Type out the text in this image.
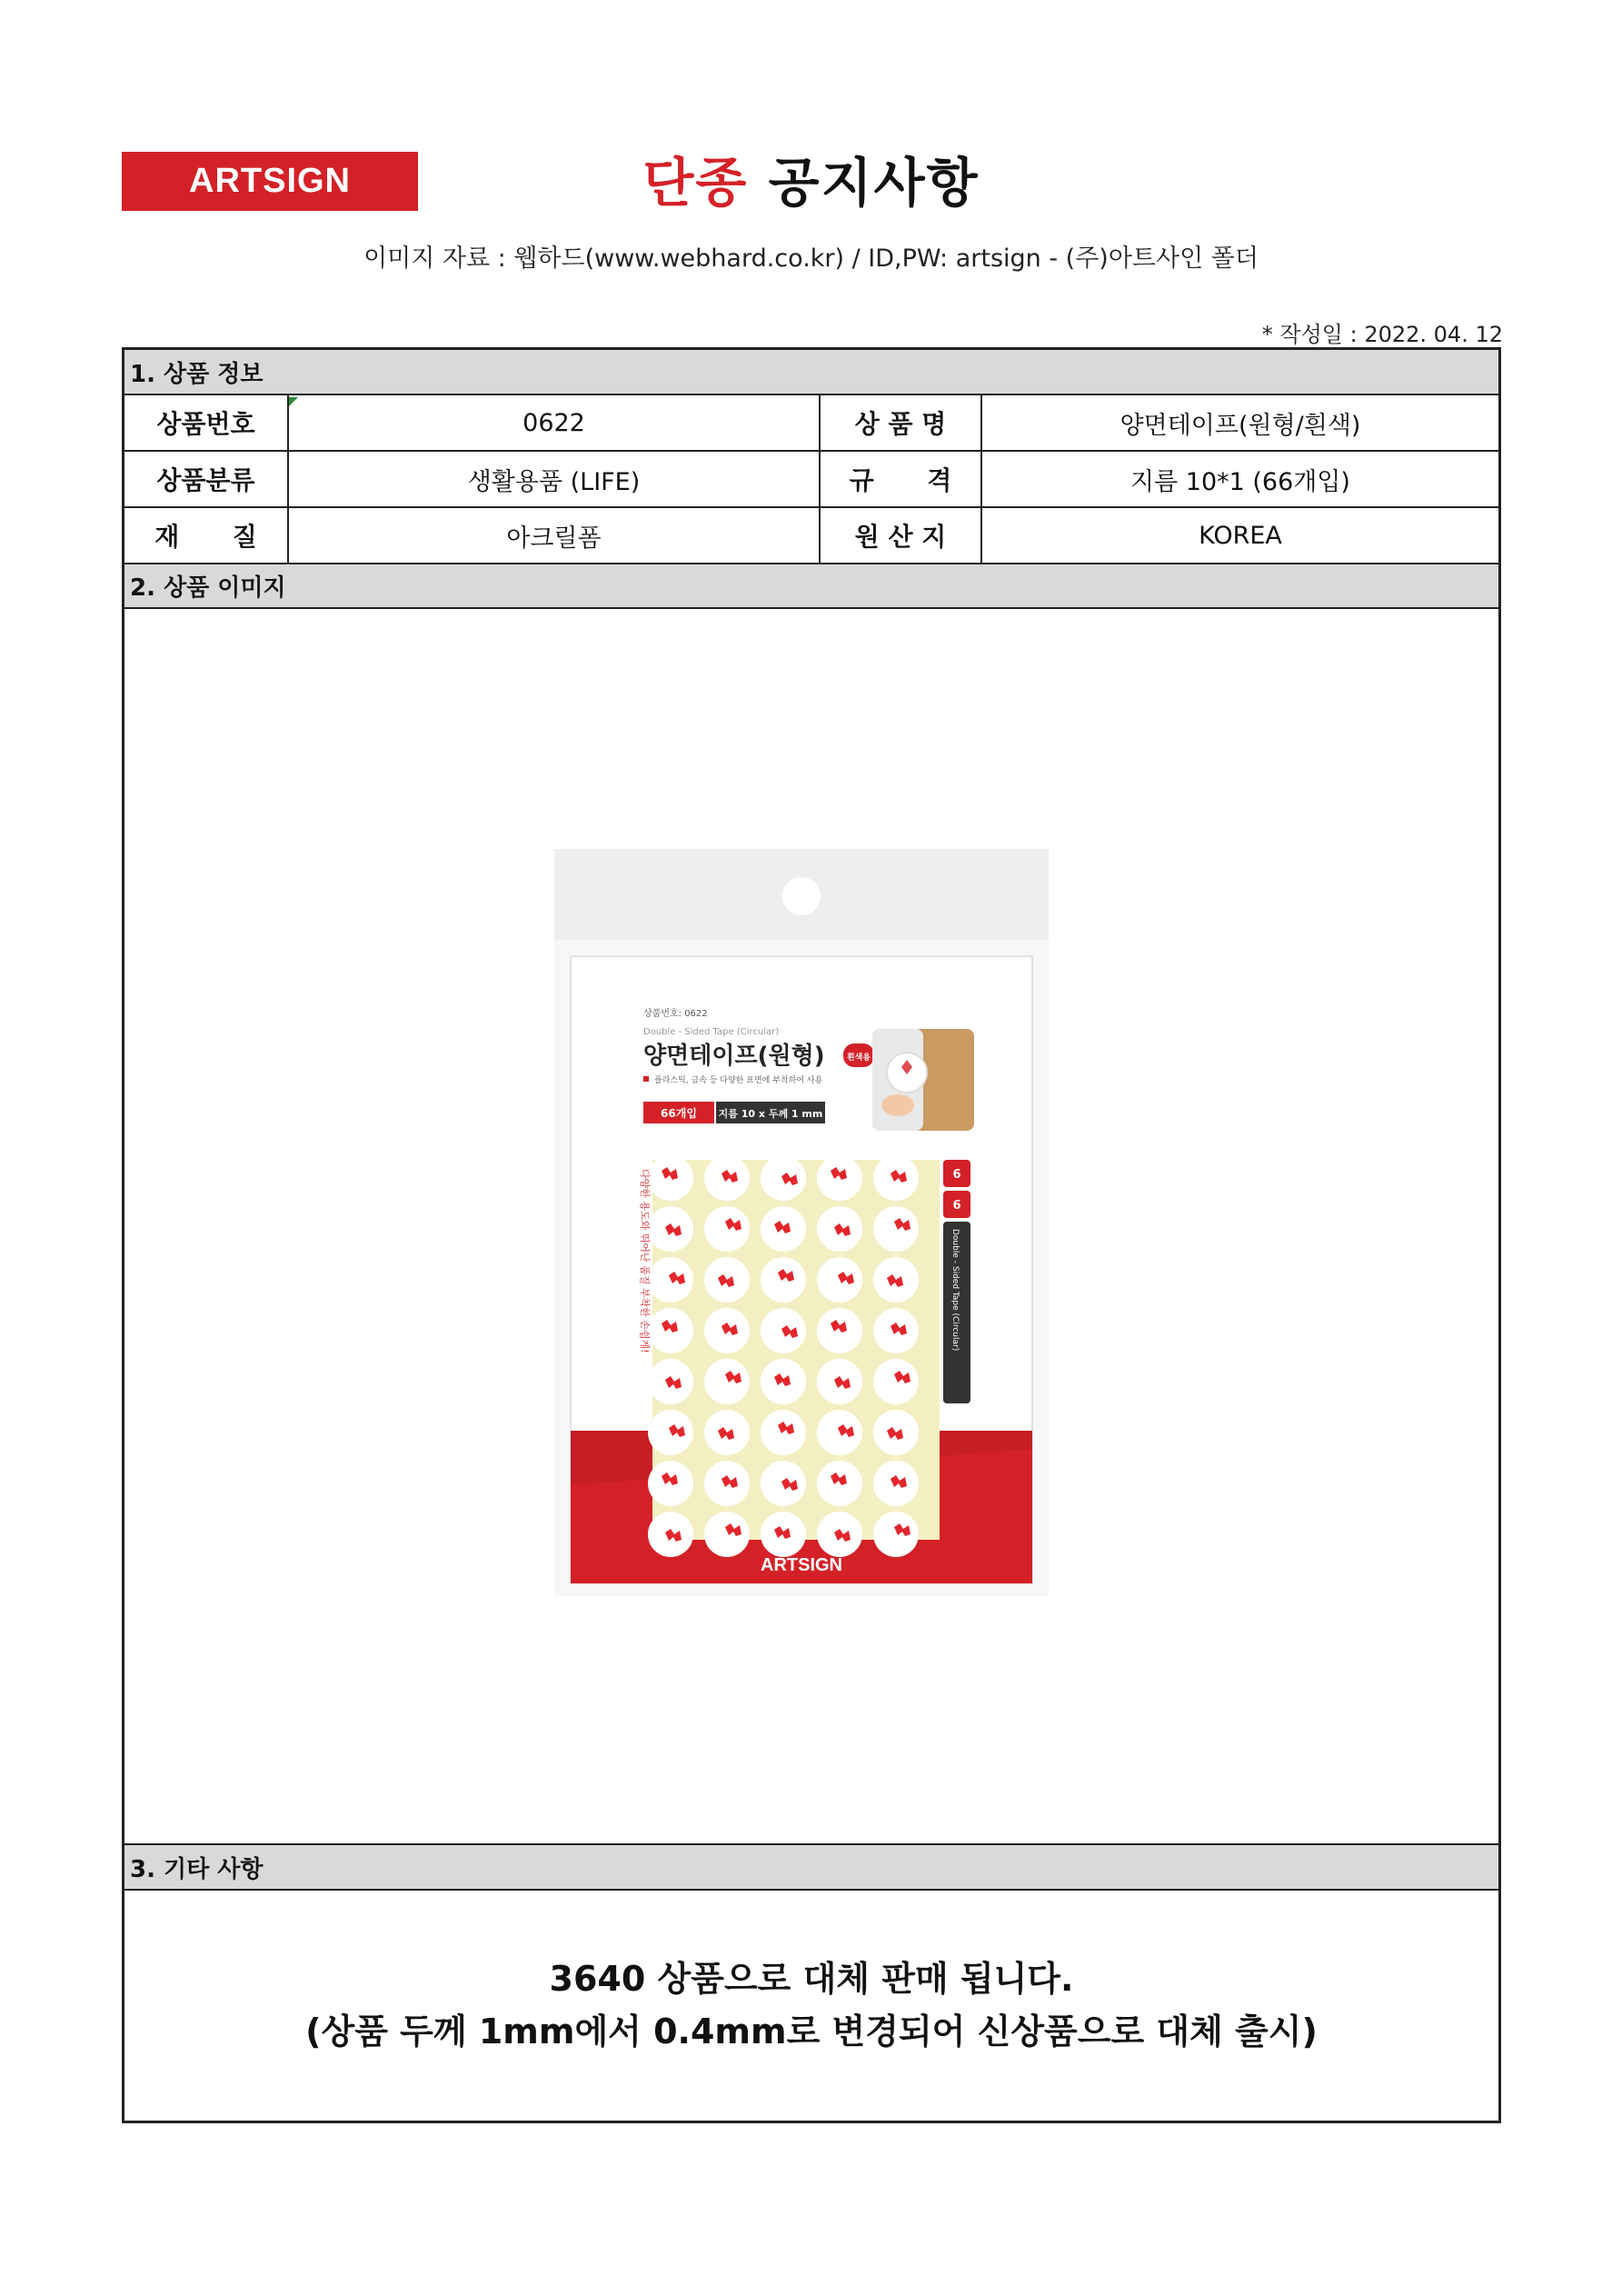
ARTSIGN	단종 공지사항
이미지 자료 : 웹하드(www.webhard.co.kr) / ID,PW: artsign - (주)아트사인 폴더
* 작성일 : 2022. 04. 12
1. 상품 정보
상품번호	0622	상 품 명	양면테이프(원형/흰색)
상품분류	생활용품 (LIFE)	규      격	지름 10*1 (66개입)
재      질	아크릴폼	원 산 지	KOREA
2. 상품 이미지
상품번호: 0622
Double - Sided Tape (Circular)
양면테이프(원형)	흰색용
플라스틱, 금속 등 다양한 표면에 부착하여 사용
66개입 지름 10 x 두께 1 mm
다양한 용도와 뛰어난 품질 부착한 손쉽게!	6
6
Double - Sided Tape (Circular)
ARTSIGN
3. 기타 사항
3640 상품으로 대체 판매 됩니다.
(상품 두께 1mm에서 0.4mm로 변경되어 신상품으로 대체 출시)
